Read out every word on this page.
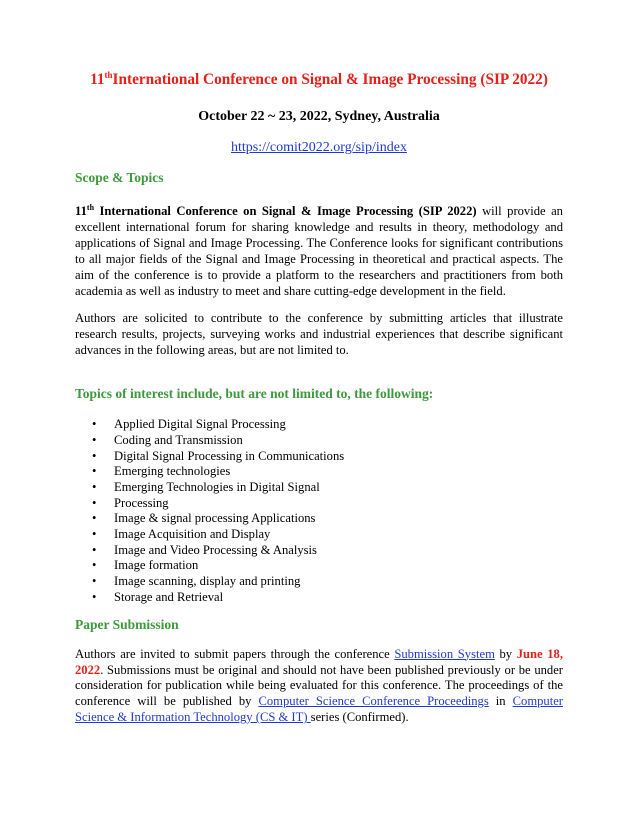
11thInternational Conference on Signal & Image Processing (SIP 2022)

October 22 ~ 23, 2022, Sydney, Australia

https://comit2022.org/sip/index

Scope & Topics

11th International Conference on Signal & Image Processing (SIP 2022) will provide an excellent international forum for sharing knowledge and results in theory, methodology and applications of Signal and Image Processing. The Conference looks for significant contributions to all major fields of the Signal and Image Processing in theoretical and practical aspects. The aim of the conference is to provide a platform to the researchers and practitioners from both academia as well as industry to meet and share cutting-edge development in the field.

Authors are solicited to contribute to the conference by submitting articles that illustrate research results, projects, surveying works and industrial experiences that describe significant advances in the following areas, but are not limited to.

Topics of interest include, but are not limited to, the following:
• Applied Digital Signal Processing
• Coding and Transmission
• Digital Signal Processing in Communications
• Emerging technologies
• Emerging Technologies in Digital Signal
• Processing
• Image & signal processing Applications
• Image Acquisition and Display
• Image and Video Processing & Analysis
• Image formation
• Image scanning, display and printing
• Storage and Retrieval
Paper Submission

Authors are invited to submit papers through the conference Submission System by June 18, 2022. Submissions must be original and should not have been published previously or be under consideration for publication while being evaluated for this conference. The proceedings of the conference will be published by Computer Science Conference Proceedings in Computer Science & Information Technology (CS & IT) series (Confirmed).
